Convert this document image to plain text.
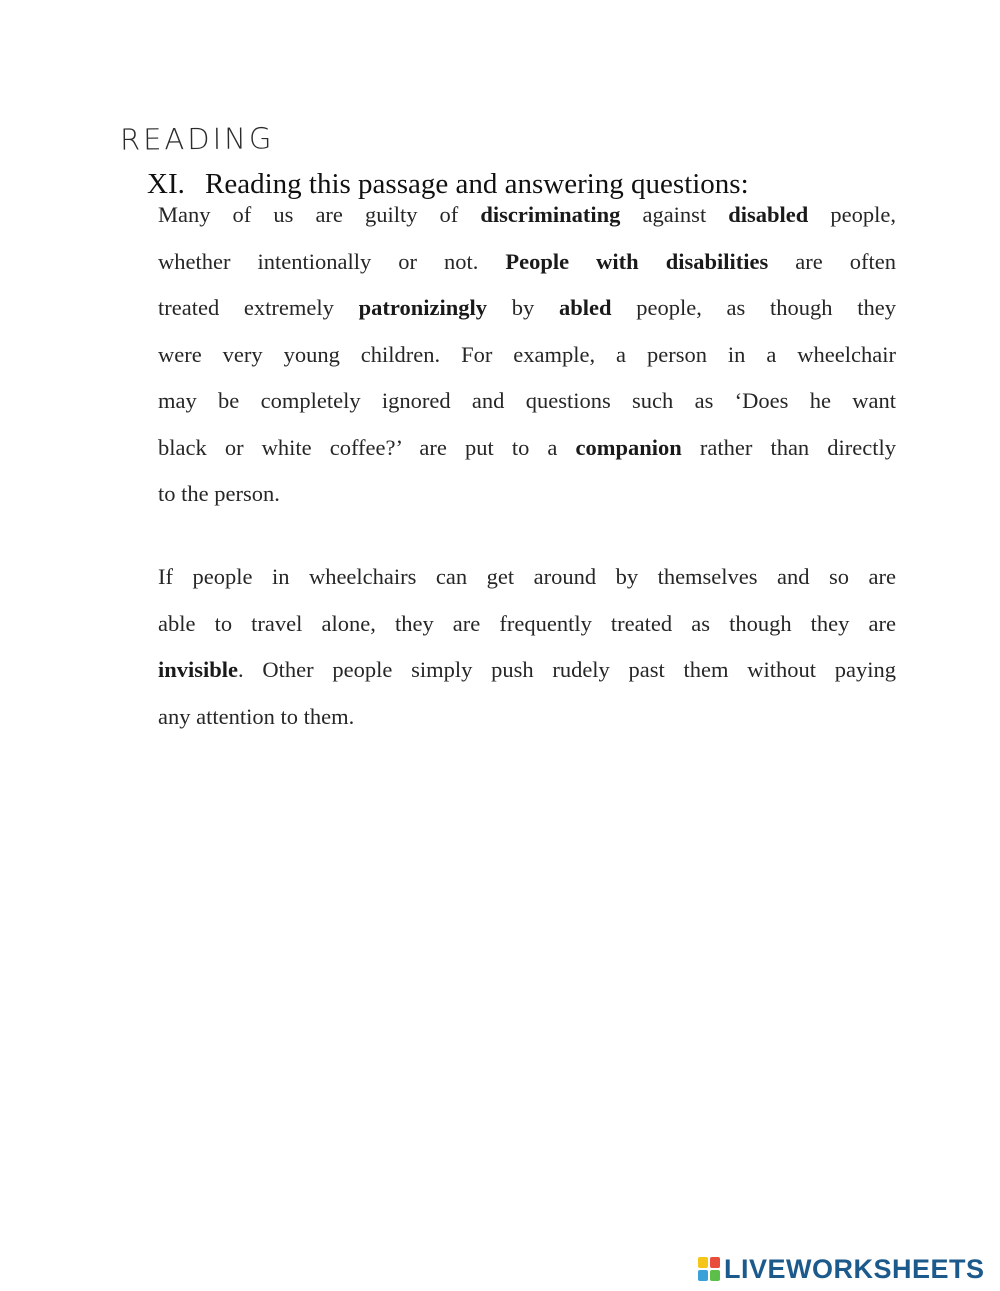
READING
XI. Reading this passage and answering questions:
Many of us are guilty of discriminating against disabled people,
whether intentionally or not. People with disabilities are often
treated extremely patronizingly by abled people, as though they
were very young children. For example, a person in a wheelchair
may be completely ignored and questions such as ‘Does he want
black or white coffee?’ are put to a companion rather than directly
to the person.
If people in wheelchairs can get around by themselves and so are
able to travel alone, they are frequently treated as though they are
invisible. Other people simply push rudely past them without paying
any attention to them.
LIVEWORKSHEETS
